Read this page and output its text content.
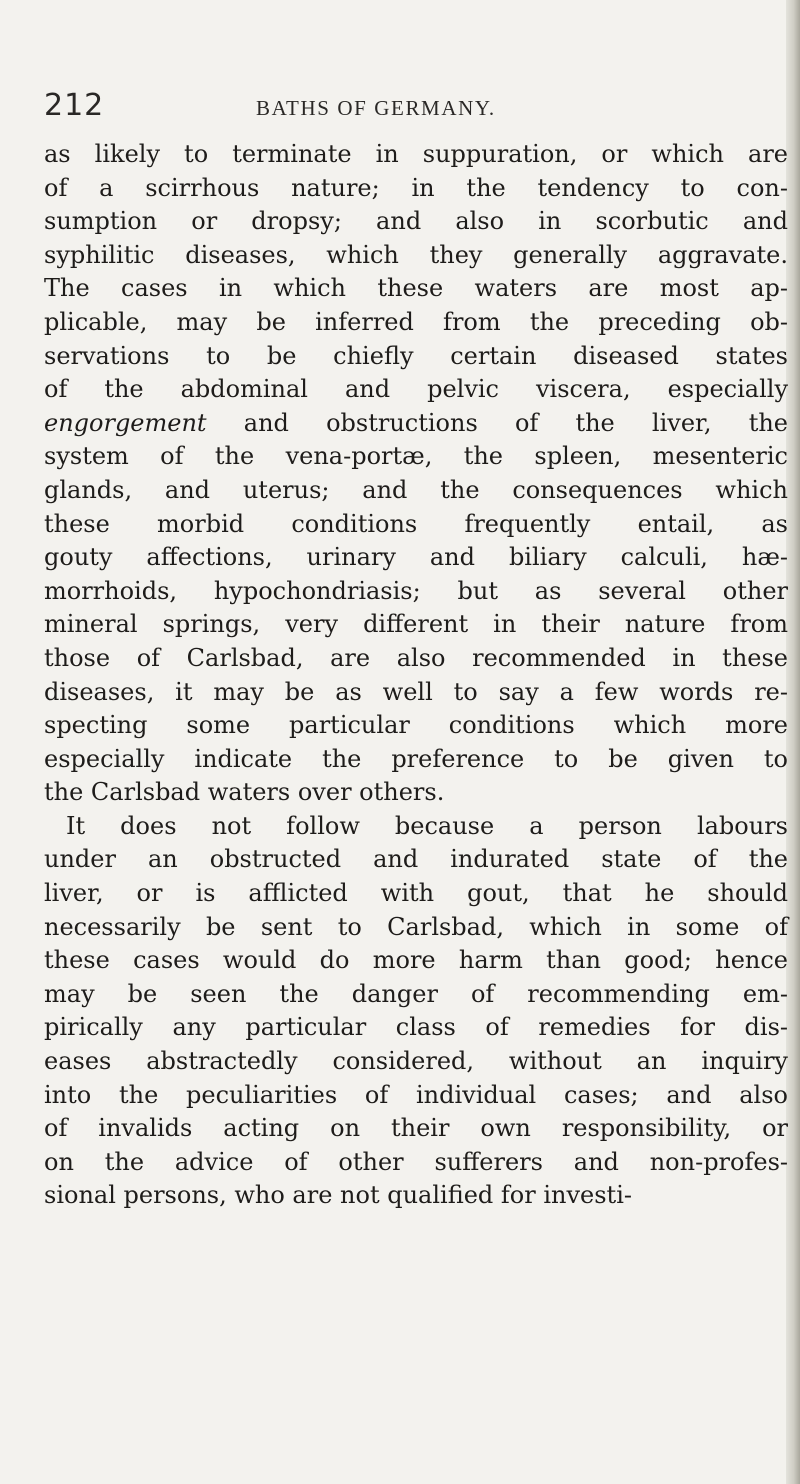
212	BATHS OF GERMANY.
as likely to terminate in suppuration, or which are
of a scirrhous nature; in the tendency to con-
sumption or dropsy; and also in scorbutic and
syphilitic diseases, which they generally aggravate.
The cases in which these waters are most ap-
plicable, may be inferred from the preceding ob-
servations to be chiefly certain diseased states
of the abdominal and pelvic viscera, especially
engorgement and obstructions of the liver, the
system of the vena-portæ, the spleen, mesenteric
glands, and uterus; and the consequences which
these morbid conditions frequently entail, as
gouty affections, urinary and biliary calculi, hæ-
morrhoids, hypochondriasis; but as several other
mineral springs, very different in their nature from
those of Carlsbad, are also recommended in these
diseases, it may be as well to say a few words re-
specting some particular conditions which more
especially indicate the preference to be given to
the Carlsbad waters over others.
It does not follow because a person labours
under an obstructed and indurated state of the
liver, or is afflicted with gout, that he should
necessarily be sent to Carlsbad, which in some of
these cases would do more harm than good; hence
may be seen the danger of recommending em-
pirically any particular class of remedies for dis-
eases abstractedly considered, without an inquiry
into the peculiarities of individual cases; and also
of invalids acting on their own responsibility, or
on the advice of other sufferers and non-profes-
sional persons, who are not qualified for investi-
